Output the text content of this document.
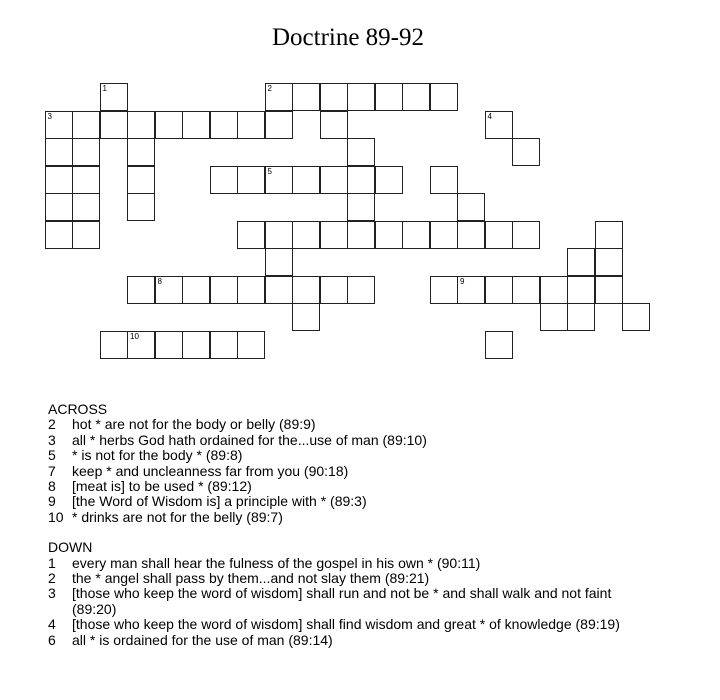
Doctrine 89-92
1	2
3	4
5
8	9
10

ACROSS

2	hot * are not for the body or belly (89:9)
3	all * herbs God hath ordained for the...use of man (89:10)
5	* is not for the body * (89:8)
7	keep * and uncleanness far from you (90:18)
8	[meat is] to be used * (89:12)
9	[the Word of Wisdom is] a principle with * (89:3)
10 * drinks are not for the belly (89:7)

DOWN

1	every man shall hear the fulness of the gospel in his own * (90:11)
2	the * angel shall pass by them...and not slay them (89:21)
3	[those who keep the word of wisdom] shall run and not be * and shall walk and not faint (89:20)
4	[those who keep the word of wisdom] shall find wisdom and great * of knowledge (89:19)
6	all * is ordained for the use of man (89:14)
